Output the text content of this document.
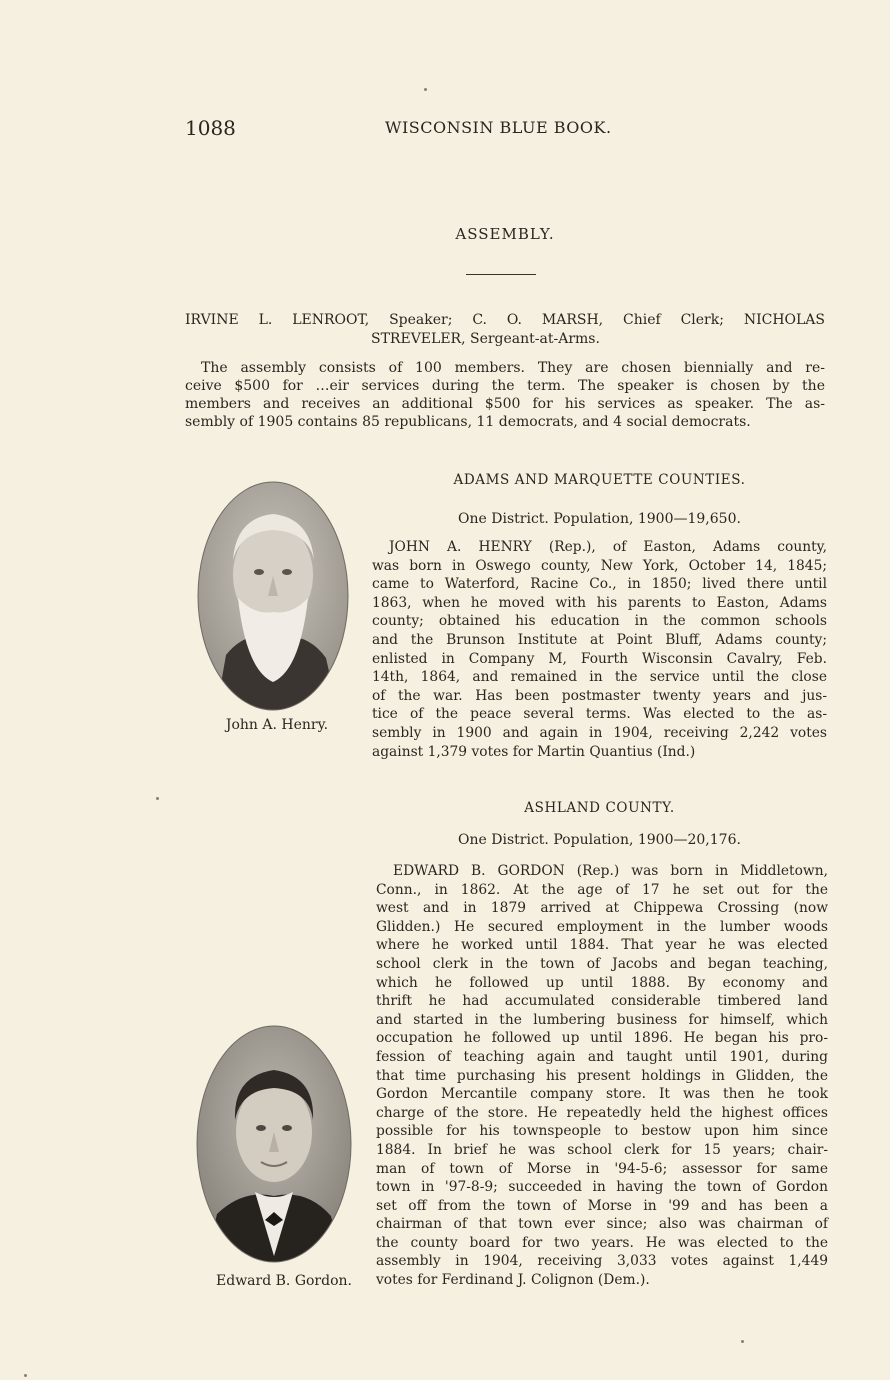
1088	WISCONSIN BLUE BOOK.
ASSEMBLY.
IRVINE L. LENROOT, Speaker; C. O. MARSH, Chief Clerk; NICHOLAS
STREVELER, Sergeant-at-Arms.
The assembly consists of 100 members. They are chosen biennially and re-
ceive $500 for …eir services during the term. The speaker is chosen by the
members and receives an additional $500 for his services as speaker. The as-
sembly of 1905 contains 85 republicans, 11 democrats, and 4 social democrats.
ADAMS AND MARQUETTE COUNTIES.
One District. Population, 1900—19,650.
John A. Henry.
JOHN A. HENRY (Rep.), of Easton, Adams county,
was born in Oswego county, New York, October 14, 1845;
came to Waterford, Racine Co., in 1850; lived there until
1863, when he moved with his parents to Easton, Adams
county; obtained his education in the common schools
and the Brunson Institute at Point Bluff, Adams county;
enlisted in Company M, Fourth Wisconsin Cavalry, Feb.
14th, 1864, and remained in the service until the close
of the war. Has been postmaster twenty years and jus-
tice of the peace several terms. Was elected to the as-
sembly in 1900 and again in 1904, receiving 2,242 votes
against 1,379 votes for Martin Quantius (Ind.)
ASHLAND COUNTY.
One District. Population, 1900—20,176.
EDWARD B. GORDON (Rep.) was born in Middletown,
Conn., in 1862. At the age of 17 he set out for the
west and in 1879 arrived at Chippewa Crossing (now
Glidden.) He secured employment in the lumber woods
where he worked until 1884. That year he was elected
school clerk in the town of Jacobs and began teaching,
which he followed up until 1888. By economy and
thrift he had accumulated considerable timbered land
and started in the lumbering business for himself, which
occupation he followed up until 1896. He began his pro-
fession of teaching again and taught until 1901, during
that time purchasing his present holdings in Glidden, the
Gordon Mercantile company store. It was then he took
charge of the store. He repeatedly held the highest offices
possible for his townspeople to bestow upon him since
1884. In brief he was school clerk for 15 years; chair-
man of town of Morse in '94-5-6; assessor for same
town in '97-8-9; succeeded in having the town of Gordon
set off from the town of Morse in '99 and has been a
chairman of that town ever since; also was chairman of
the county board for two years. He was elected to the
assembly in 1904, receiving 3,033 votes against 1,449
votes for Ferdinand J. Colignon (Dem.).
Edward B. Gordon.
